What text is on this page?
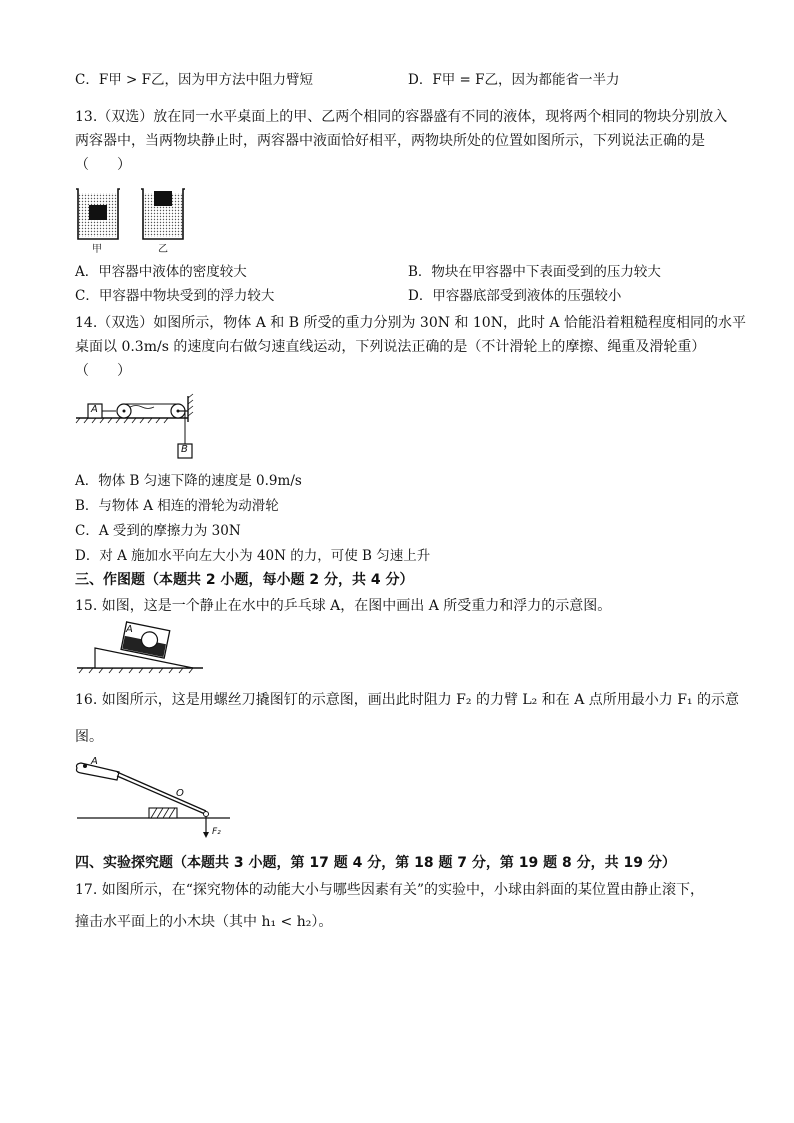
C．F甲 > F乙，因为甲方法中阻力臂短	D．F甲 = F乙，因为都能省一半力
13.（双选）放在同一水平桌面上的甲、乙两个相同的容器盛有不同的液体，现将两个相同的物块分别放入
两容器中，当两物块静止时，两容器中液面恰好相平，两物块所处的位置如图所示，下列说法正确的是
（　　）
甲	乙
A．甲容器中液体的密度较大	B．物块在甲容器中下表面受到的压力较大
C．甲容器中物块受到的浮力较大	D．甲容器底部受到液体的压强较小
14.（双选）如图所示，物体 A 和 B 所受的重力分别为 30N 和 10N，此时 A 恰能沿着粗糙程度相同的水平
桌面以 0.3m/s 的速度向右做匀速直线运动，下列说法正确的是（不计滑轮上的摩擦、绳重及滑轮重）
（　　）
A
B
A．物体 B 匀速下降的速度是 0.9m/s
B．与物体 A 相连的滑轮为动滑轮
C．A 受到的摩擦力为 30N
D．对 A 施加水平向左大小为 40N 的力，可使 B 匀速上升
三、作图题（本题共 2 小题，每小题 2 分，共 4 分）
15. 如图，这是一个静止在水中的乒乓球 A，在图中画出 A 所受重力和浮力的示意图。
A
16. 如图所示，这是用螺丝刀撬图钉的示意图，画出此时阻力 F₂ 的力臂 L₂ 和在 A 点所用最小力 F₁ 的示意
图。
A
O
F₂
四、实验探究题（本题共 3 小题，第 17 题 4 分，第 18 题 7 分，第 19 题 8 分，共 19 分）
17. 如图所示，在“探究物体的动能大小与哪些因素有关”的实验中，小球由斜面的某位置由静止滚下，
撞击水平面上的小木块（其中 h₁ < h₂）。
